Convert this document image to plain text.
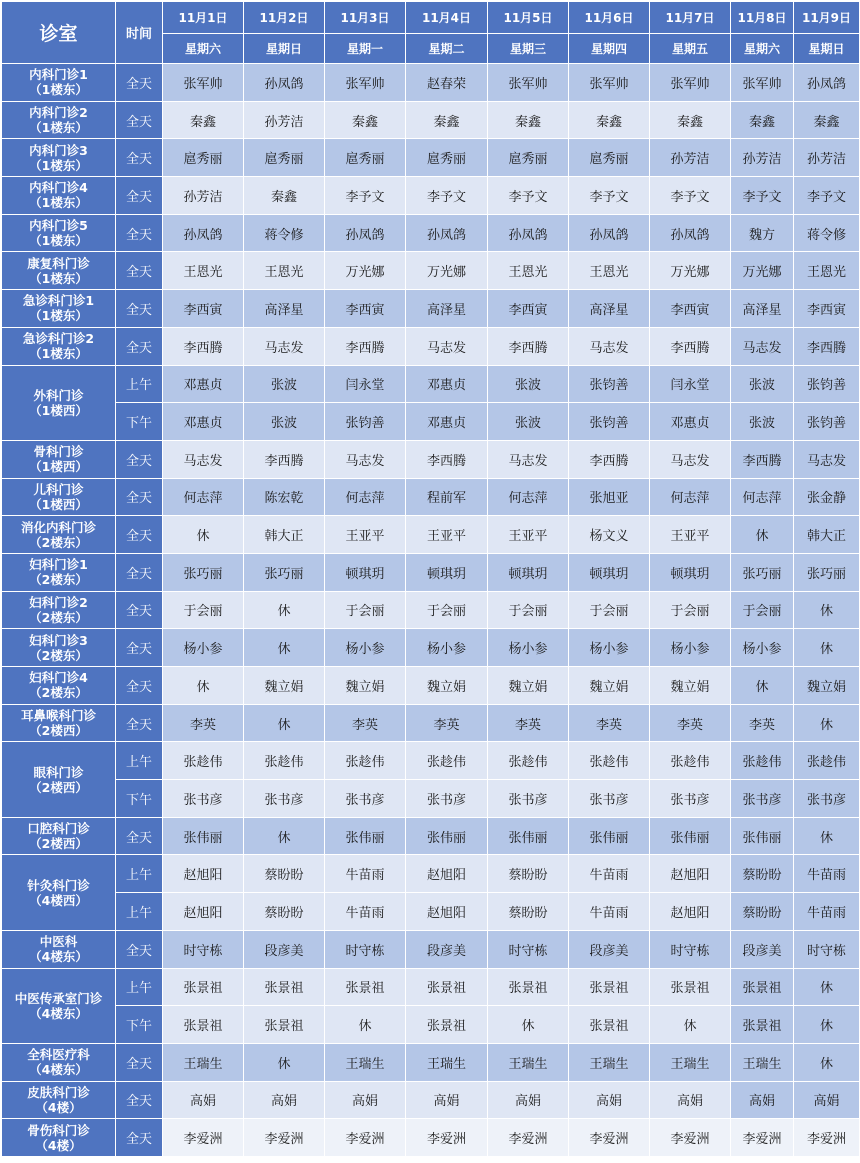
诊室	时间	11月1日	11月2日	11月3日	11月4日	11月5日	11月6日	11月7日	11月8日	11月9日
		星期六	星期日	星期一	星期二	星期三	星期四	星期五	星期六	星期日

内科门诊1
（1楼东）	全天	张军帅	孙凤鸽	张军帅	赵春荣	张军帅	张军帅	张军帅	张军帅	孙凤鸽

内科门诊2
（1楼东）	全天	秦鑫	孙芳洁	秦鑫	秦鑫	秦鑫	秦鑫	秦鑫	秦鑫	秦鑫

内科门诊3
（1楼东）	全天	扈秀丽	扈秀丽	扈秀丽	扈秀丽	扈秀丽	扈秀丽	孙芳洁	孙芳洁	孙芳洁

内科门诊4
（1楼东）	全天	孙芳洁	秦鑫	李予文	李予文	李予文	李予文	李予文	李予文	李予文

内科门诊5
（1楼东）	全天	孙凤鸽	蒋令修	孙凤鸽	孙凤鸽	孙凤鸽	孙凤鸽	孙凤鸽	魏方	蒋令修

康复科门诊
（1楼东）	全天	王恩光	王恩光	万光娜	万光娜	王恩光	王恩光	万光娜	万光娜	王恩光

急诊科门诊1
（1楼东）	全天	李西寅	高泽星	李西寅	高泽星	李西寅	高泽星	李西寅	高泽星	李西寅

急诊科门诊2
（1楼东）	全天	李西腾	马志发	李西腾	马志发	李西腾	马志发	李西腾	马志发	李西腾

外科门诊
（1楼西）	上午	邓惠贞	张波	闫永堂	邓惠贞	张波	张钧善	闫永堂	张波	张钧善
	下午	邓惠贞	张波	张钧善	邓惠贞	张波	张钧善	邓惠贞	张波	张钧善

骨科门诊
（1楼西）	全天	马志发	李西腾	马志发	李西腾	马志发	李西腾	马志发	李西腾	马志发

儿科门诊
（1楼西）	全天	何志萍	陈宏乾	何志萍	程前军	何志萍	张旭亚	何志萍	何志萍	张金静

消化内科门诊
（2楼东）	全天	休	韩大正	王亚平	王亚平	王亚平	杨文义	王亚平	休	韩大正

妇科门诊1
（2楼东）	全天	张巧丽	张巧丽	顿琪玥	顿琪玥	顿琪玥	顿琪玥	顿琪玥	张巧丽	张巧丽

妇科门诊2
（2楼东）	全天	于会丽	休	于会丽	于会丽	于会丽	于会丽	于会丽	于会丽	休

妇科门诊3
（2楼东）	全天	杨小参	休	杨小参	杨小参	杨小参	杨小参	杨小参	杨小参	休

妇科门诊4
（2楼东）	全天	休	魏立娟	魏立娟	魏立娟	魏立娟	魏立娟	魏立娟	休	魏立娟

耳鼻喉科门诊
（2楼西）	全天	李英	休	李英	李英	李英	李英	李英	李英	休

眼科门诊
（2楼西）	上午	张趁伟	张趁伟	张趁伟	张趁伟	张趁伟	张趁伟	张趁伟	张趁伟	张趁伟
	下午	张书彦	张书彦	张书彦	张书彦	张书彦	张书彦	张书彦	张书彦	张书彦

口腔科门诊
（2楼西）	全天	张伟丽	休	张伟丽	张伟丽	张伟丽	张伟丽	张伟丽	张伟丽	休

针灸科门诊
（4楼西）	上午	赵旭阳	蔡盼盼	牛苗雨	赵旭阳	蔡盼盼	牛苗雨	赵旭阳	蔡盼盼	牛苗雨
	上午	赵旭阳	蔡盼盼	牛苗雨	赵旭阳	蔡盼盼	牛苗雨	赵旭阳	蔡盼盼	牛苗雨

中医科
（4楼东）	全天	时守栋	段彦美	时守栋	段彦美	时守栋	段彦美	时守栋	段彦美	时守栋

中医传承室门诊
（4楼东）	上午	张景祖	张景祖	张景祖	张景祖	张景祖	张景祖	张景祖	张景祖	休
	下午	张景祖	张景祖	休	张景祖	休	张景祖	休	张景祖	休

全科医疗科
（4楼东）	全天	王瑞生	休	王瑞生	王瑞生	王瑞生	王瑞生	王瑞生	王瑞生	休

皮肤科门诊
（4楼）	全天	高娟	高娟	高娟	高娟	高娟	高娟	高娟	高娟	高娟

骨伤科门诊
（4楼）	全天	李爱洲	李爱洲	李爱洲	李爱洲	李爱洲	李爱洲	李爱洲	李爱洲	李爱洲
